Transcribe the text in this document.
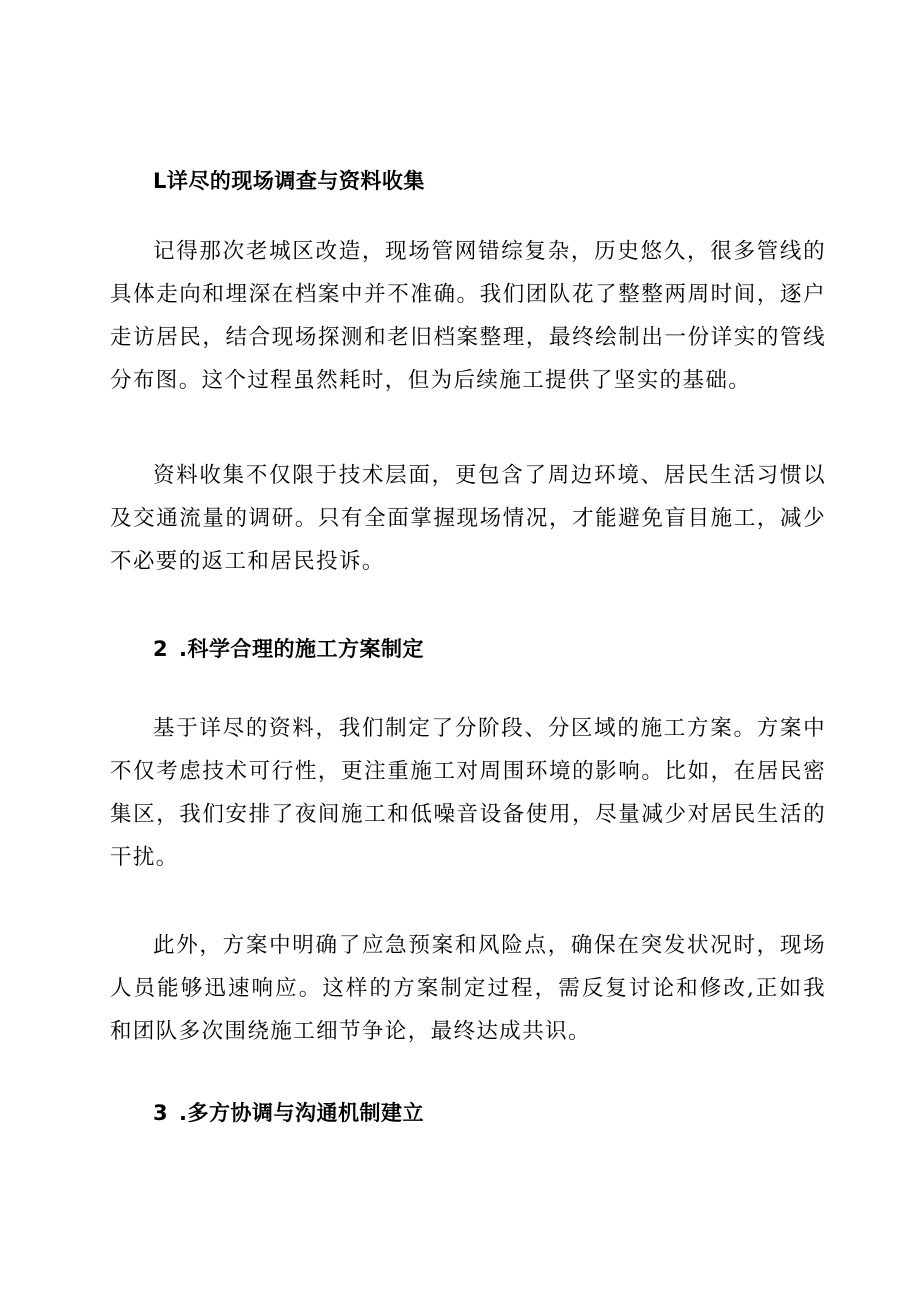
L详尽的现场调查与资料收集

记得那次老城区改造，现场管网错综复杂，历史悠久，很多管线的具体走向和埋深在档案中并不准确。我们团队花了整整两周时间，逐户走访居民，结合现场探测和老旧档案整理，最终绘制出一份详实的管线分布图。这个过程虽然耗时，但为后续施工提供了坚实的基础。

资料收集不仅限于技术层面，更包含了周边环境、居民生活习惯以及交通流量的调研。只有全面掌握现场情况，才能避免盲目施工，减少不必要的返工和居民投诉。

2 .科学合理的施工方案制定

基于详尽的资料，我们制定了分阶段、分区域的施工方案。方案中不仅考虑技术可行性，更注重施工对周围环境的影响。比如，在居民密集区，我们安排了夜间施工和低噪音设备使用，尽量减少对居民生活的干扰。

此外，方案中明确了应急预案和风险点，确保在突发状况时，现场人员能够迅速响应。这样的方案制定过程，需反复讨论和修改,正如我和团队多次围绕施工细节争论，最终达成共识。

3 .多方协调与沟通机制建立
